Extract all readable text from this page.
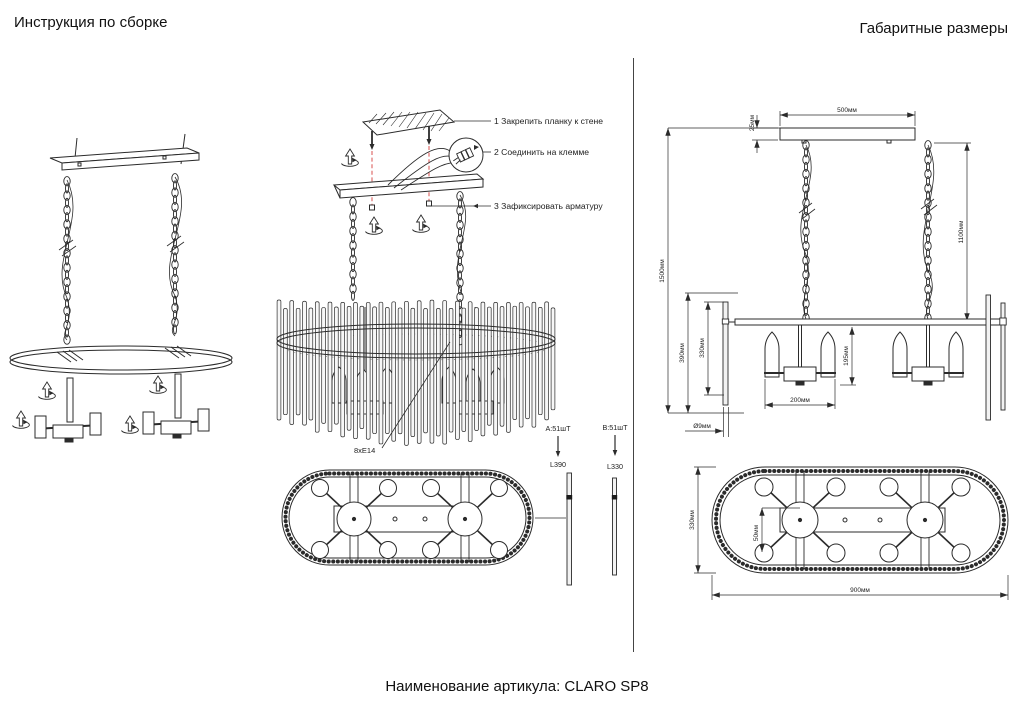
Инструкция по сборке	Габаритные размеры
Наименование артикула: CLARO SP8
1 Закрепить планку к стене
2 Соединить на клемме
3 Зафиксировать арматуру
8xE14
A:51шТ	B:51шТ
L390	L330
500мм
25мм
1100мм
1500мм
390мм 330мм
Ø9мм
195мм
200мм
330мм
900мм
50мм
